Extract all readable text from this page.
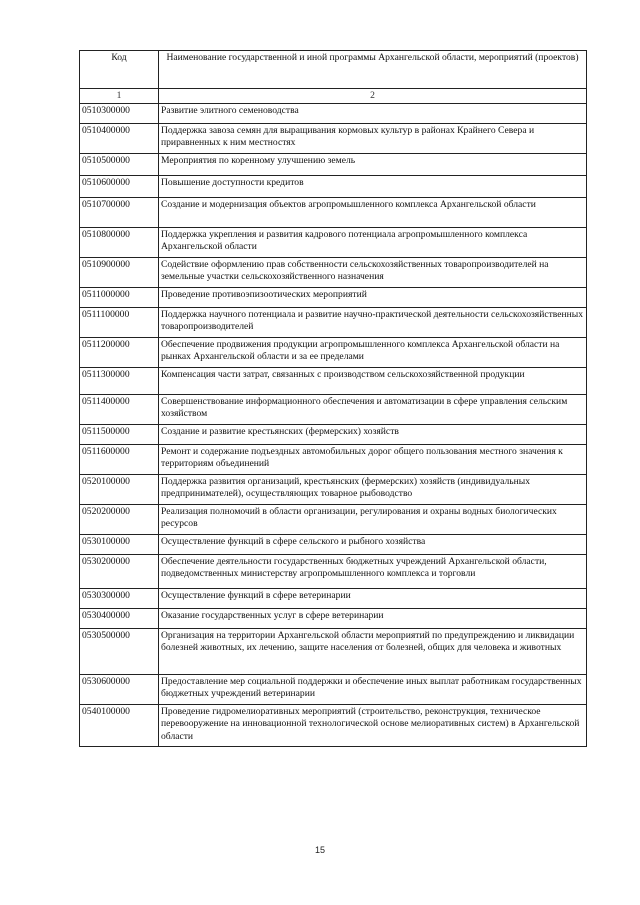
Код	Наименование государственной и иной программы Архангельской области, мероприятий (проектов)
1	2
0510300000	Развитие элитного семеноводства
0510400000	Поддержка завоза семян для выращивания кормовых культур в районах Крайнего Севера и приравненных к ним местностях
0510500000	Мероприятия по коренному улучшению земель
0510600000	Повышение доступности кредитов
0510700000	Создание и модернизация объектов агропромышленного комплекса Архангельской области
0510800000	Поддержка укрепления и развития кадрового потенциала агропромышленного комплекса Архангельской области
0510900000	Содействие оформлению прав собственности сельскохозяйственных товаропроизводителей на земельные участки сельскохозяйственного назначения
0511000000	Проведение противоэпизоотических мероприятий
0511100000	Поддержка научного потенциала и развитие научно-практической деятельности сельскохозяйственных товаропроизводителей
0511200000	Обеспечение продвижения продукции агропромышленного комплекса Архангельской области на рынках Архангельской области и за ее пределами
0511300000	Компенсация части затрат, связанных с производством сельскохозяйственной продукции
0511400000	Совершенствование информационного обеспечения и автоматизации в сфере управления сельским хозяйством
0511500000	Создание и развитие крестьянских (фермерских) хозяйств
0511600000	Ремонт и содержание подъездных автомобильных дорог общего пользования местного значения к территориям объединений
0520100000	Поддержка развития организаций, крестьянских (фермерских) хозяйств (индивидуальных предпринимателей), осуществляющих товарное рыбоводство
0520200000	Реализация полномочий в области организации, регулирования и охраны водных биологических ресурсов
0530100000	Осуществление функций в сфере сельского и рыбного хозяйства
0530200000	Обеспечение деятельности государственных бюджетных учреждений Архангельской области, подведомственных министерству агропромышленного комплекса и торговли
0530300000	Осуществление функций в сфере ветеринарии
0530400000	Оказание государственных услуг в сфере ветеринарии
0530500000	Организация на территории Архангельской области мероприятий по предупреждению и ликвидации болезней животных, их лечению, защите населения от болезней, общих для человека и животных
0530600000	Предоставление мер социальной поддержки и обеспечение иных выплат работникам государственных бюджетных учреждений ветеринарии
0540100000	Проведение гидромелиоративных мероприятий (строительство, реконструкция, техническое перевооружение на инновационной технологической основе мелиоративных систем) в Архангельской области
15
